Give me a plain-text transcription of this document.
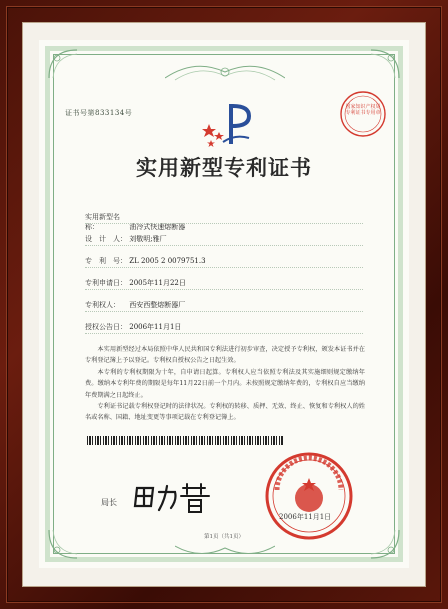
证书号第833134号
国家知识产权局专利证书专用章
实用新型专利证书
实用新型名称：	油冷式快速熔断器
设　计　人： 刘敬明;雅厂
专　利　号： ZL 2005 2 0079751.3
专利申请日： 2005年11月22日
专利权人： 西安西整熔断器厂
授权公告日： 2006年11月1日

本实用新型经过本局依照中华人民共和国专利法进行初步审查，决定授予专利权，颁发本证书并在专利登记簿上予以登记。专利权自授权公告之日起生效。

本专利的专利权期限为十年，自申请日起算。专利权人应当依照专利法及其实施细则规定缴纳年费。缴纳本专利年费的期限是每年11月22日前一个月内。未按照规定缴纳年费的，专利权自应当缴纳年费期满之日起终止。

专利证书记载专利权登记时的法律状况。专利权的转移、质押、无效、终止、恢复和专利权人的姓名或名称、国籍、地址变更等事项记载在专利登记簿上。

局长
2006年11月1日
第1页（共1页）
